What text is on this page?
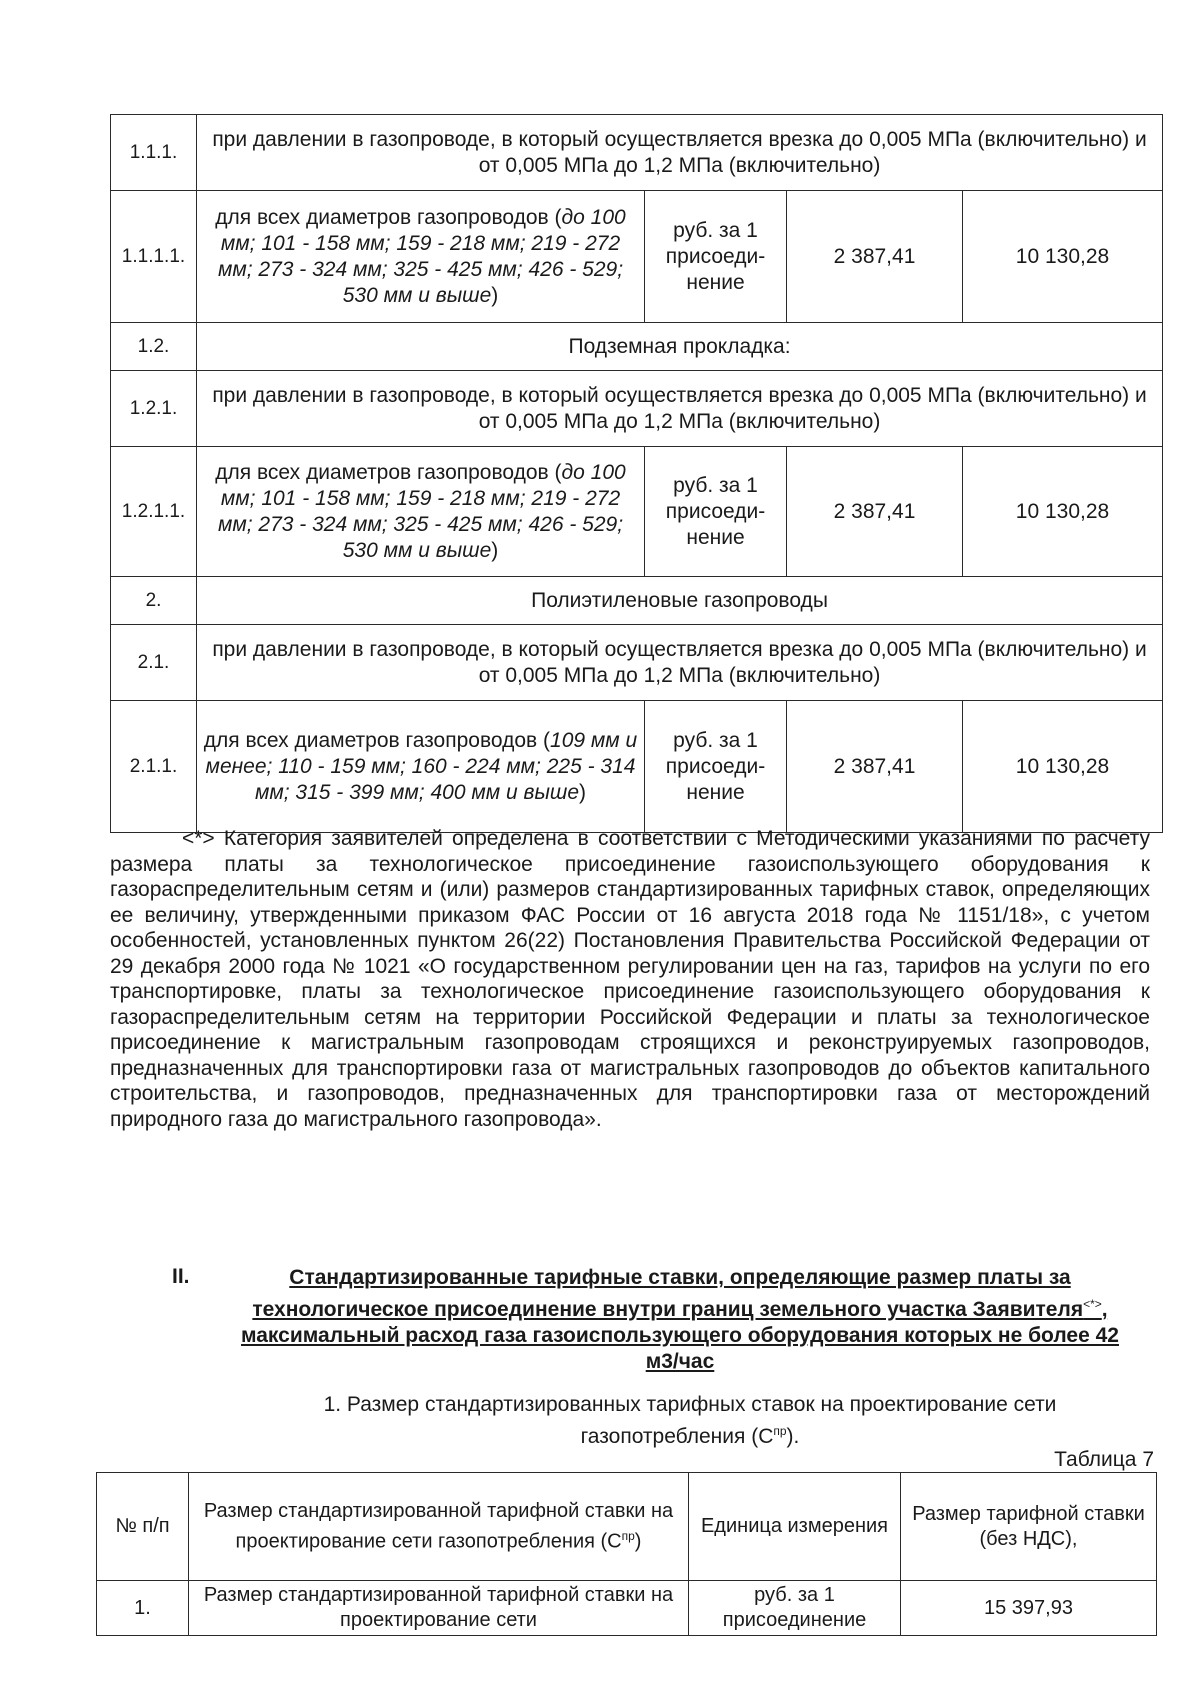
1.1.1.	при давлении в газопроводе, в который осуществляется врезка до 0,005 МПа (включительно) и от 0,005 МПа до 1,2 МПа (включительно)			
1.1.1.1.	для всех диаметров газопроводов (до 100 мм; 101 - 158 мм; 159 - 218 мм; 219 - 272 мм; 273 - 324 мм; 325 - 425 мм; 426 - 529; 530 мм и выше)	руб. за 1 присоеди-нение	2 387,41	10 130,28
1.2.	Подземная прокладка:			
1.2.1.	при давлении в газопроводе, в который осуществляется врезка до 0,005 МПа (включительно) и от 0,005 МПа до 1,2 МПа (включительно)			
1.2.1.1.	для всех диаметров газопроводов (до 100 мм; 101 - 158 мм; 159 - 218 мм; 219 - 272 мм; 273 - 324 мм; 325 - 425 мм; 426 - 529; 530 мм и выше)	руб. за 1 присоеди-нение	2 387,41	10 130,28
2.	Полиэтиленовые газопроводы			
2.1.	при давлении в газопроводе, в который осуществляется врезка до 0,005 МПа (включительно) и от 0,005 МПа до 1,2 МПа (включительно)			
2.1.1.	для всех диаметров газопроводов (109 мм и менее; 110 - 159 мм; 160 - 224 мм; 225 - 314 мм; 315 - 399 мм; 400 мм и выше)	руб. за 1 присоеди-нение	2 387,41	10 130,28
<*> Категория заявителей определена в соответствии с Методическими указаниями по расчету размера платы за технологическое присоединение газоиспользующего оборудования к газораспределительным сетям и (или) размеров стандартизированных тарифных ставок, определяющих ее величину, утвержденными приказом ФАС России от 16 августа 2018 года № 1151/18», с учетом особенностей, установленных пунктом 26(22) Постановления Правительства Российской Федерации от 29 декабря 2000 года № 1021 «О государственном регулировании цен на газ, тарифов на услуги по его транспортировке, платы за технологическое присоединение газоиспользующего оборудования к газораспределительным сетям на территории Российской Федерации и платы за технологическое присоединение к магистральным газопроводам строящихся и реконструируемых газопроводов, предназначенных для транспортировки газа от магистральных газопроводов до объектов капитального строительства, и газопроводов, предназначенных для транспортировки газа от месторождений природного газа до магистрального газопровода».
II.	Стандартизированные тарифные ставки, определяющие размер платы за технологическое присоединение внутри границ земельного участка Заявителя<*>, максимальный расход газа газоиспользующего оборудования которых не более 42 м3/час
1. Размер стандартизированных тарифных ставок на проектирование сети газопотребления $(С^{пр})$.
Таблица 7
№ п/п	Размер стандартизированной тарифной ставки на проектирование сети газопотребления $(С^{пр})$	Единица измерения	Размер тарифной ставки (без НДС),
1.	Размер стандартизированной тарифной ставки на проектирование сети	руб. за 1 присоединение	15 397,93
